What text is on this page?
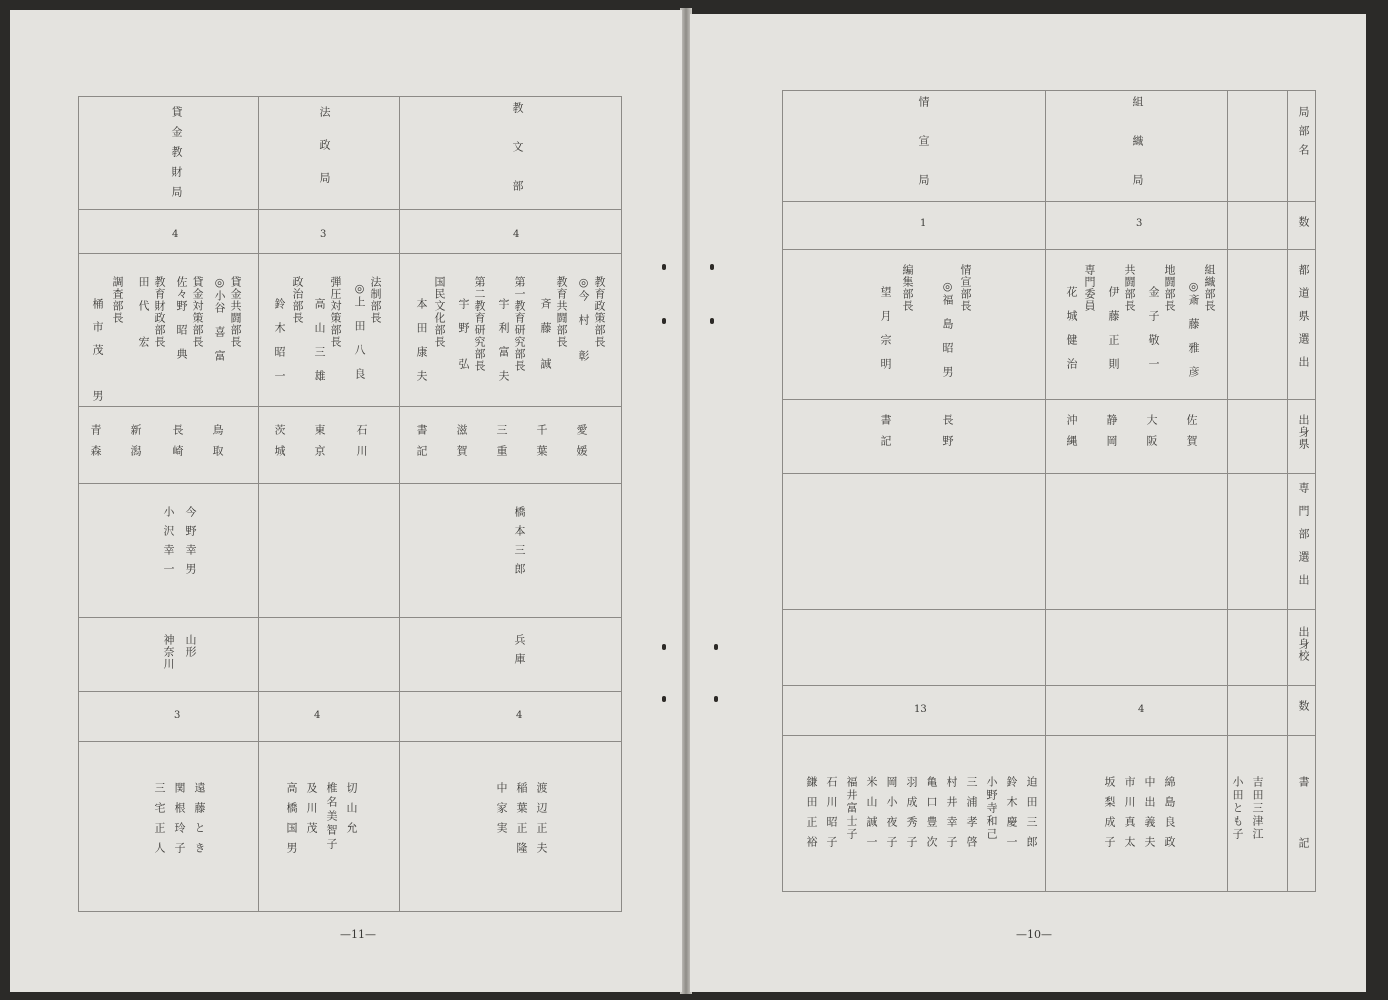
貸金教財局
4
貸金共闘部長
◎小谷　喜　富
貸金対策部長
佐々野　昭　典
教育財政部長
田　代　　宏
調査部長
桶市茂　男
鳥取
長崎
新潟
青森
今野幸男
小沢幸一
山形
神奈川
3
遠藤とき
関根玲子
三宅正人
法政局
3
法制部長
◎上　田　八　良
弾圧対策部長
高　山　三　雄
政治部長
鈴　木　昭　一
石川
東京
茨城
4
切山允
椎名美智子
及川茂
高橋国男
教文部
4
教育政策部長
◎今　村　　彰
教育共闘部長
斉　藤　　誠
第一教育研究部長
宇　利　富　夫
第二教育研究部長
宇　野　　弘
国民文化部長
本　田　康　夫
愛媛
千葉
三重
滋賀
書記
橋本三郎
兵庫
4
渡辺正夫
稲葉正隆
中家実
—11—
局部名
数
都道県選出
出身県
専門部選出
出身校
数
書記
組織局
3
組織部長
◎斎　藤　雅　彦
地闘部長
金　子　敬　一
共闘部長
伊　藤　正　則
専門委員
花　城　健　治
佐賀
大阪
静岡
沖縄
4
綿島良政
中出義夫
市川真太
坂梨成子
情宣局
1
情宣部長
◎福　島　昭　男
編集部長
望　月　宗　明
長野
書記
13
迫田三郎
鈴木慶一
小野寺和己
三浦孝啓
村井幸子
亀口豊次
羽成秀子
岡小夜子
米山誠一
福井富士子
石川昭子
鎌田正裕	吉田三津江
小田とも子
—10—
